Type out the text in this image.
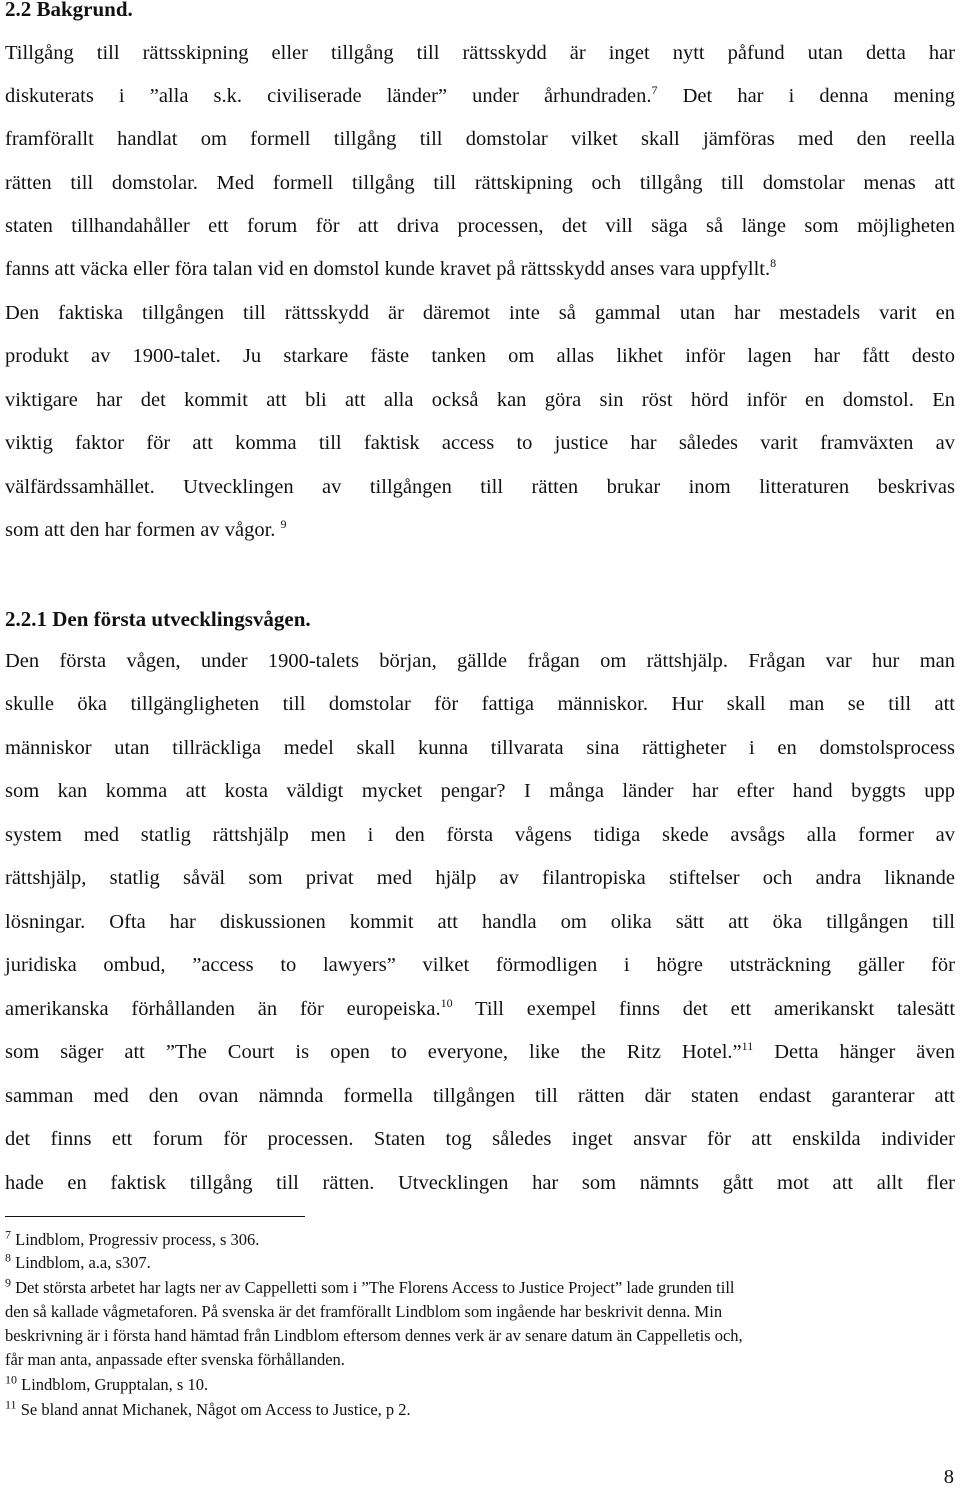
2.2 Bakgrund.
Tillgång till rättsskipning eller tillgång till rättsskydd är inget nytt påfund utan detta har
diskuterats i ”alla s.k. civiliserade länder” under århundraden.$^7$ Det har i denna mening
framförallt handlat om formell tillgång till domstolar vilket skall jämföras med den reella
rätten till domstolar. Med formell tillgång till rättskipning och tillgång till domstolar menas att
staten tillhandahåller ett forum för att driva processen, det vill säga så länge som möjligheten
fanns att väcka eller föra talan vid en domstol kunde kravet på rättsskydd anses vara uppfyllt.$^8$
Den faktiska tillgången till rättsskydd är däremot inte så gammal utan har mestadels varit en
produkt av 1900-talet. Ju starkare fäste tanken om allas likhet inför lagen har fått desto
viktigare har det kommit att bli att alla också kan göra sin röst hörd inför en domstol. En
viktig faktor för att komma till faktisk access to justice har således varit framväxten av
välfärdssamhället. Utvecklingen av tillgången till rätten brukar inom litteraturen beskrivas
som att den har formen av vågor. $^9$
2.2.1 Den första utvecklingsvågen.
Den första vågen, under 1900-talets början, gällde frågan om rättshjälp. Frågan var hur man
skulle öka tillgängligheten till domstolar för fattiga människor. Hur skall man se till att
människor utan tillräckliga medel skall kunna tillvarata sina rättigheter i en domstolsprocess
som kan komma att kosta väldigt mycket pengar? I många länder har efter hand byggts upp
system med statlig rättshjälp men i den första vågens tidiga skede avsågs alla former av
rättshjälp, statlig såväl som privat med hjälp av filantropiska stiftelser och andra liknande
lösningar. Ofta har diskussionen kommit att handla om olika sätt att öka tillgången till
juridiska ombud, ”access to lawyers” vilket förmodligen i högre utsträckning gäller för
amerikanska förhållanden än för europeiska.$^{10}$ Till exempel finns det ett amerikanskt talesätt
som säger att ”The Court is open to everyone, like the Ritz Hotel.”$^{11}$ Detta hänger även
samman med den ovan nämnda formella tillgången till rätten där staten endast garanterar att
det finns ett forum för processen. Staten tog således inget ansvar för att enskilda individer
hade en faktisk tillgång till rätten. Utvecklingen har som nämnts gått mot att allt fler
$^7$ Lindblom, Progressiv process, s 306.
$^8$ Lindblom, a.a, s307.
$^9$ Det största arbetet har lagts ner av Cappelletti som i ”The Florens Access to Justice Project” lade grunden till
den så kallade vågmetaforen. På svenska är det framförallt Lindblom som ingående har beskrivit denna. Min
beskrivning är i första hand hämtad från Lindblom eftersom dennes verk är av senare datum än Cappelletis och,
får man anta, anpassade efter svenska förhållanden.
$^{10}$ Lindblom, Grupptalan, s 10.
$^{11}$ Se bland annat Michanek, Något om Access to Justice, p 2.
8
